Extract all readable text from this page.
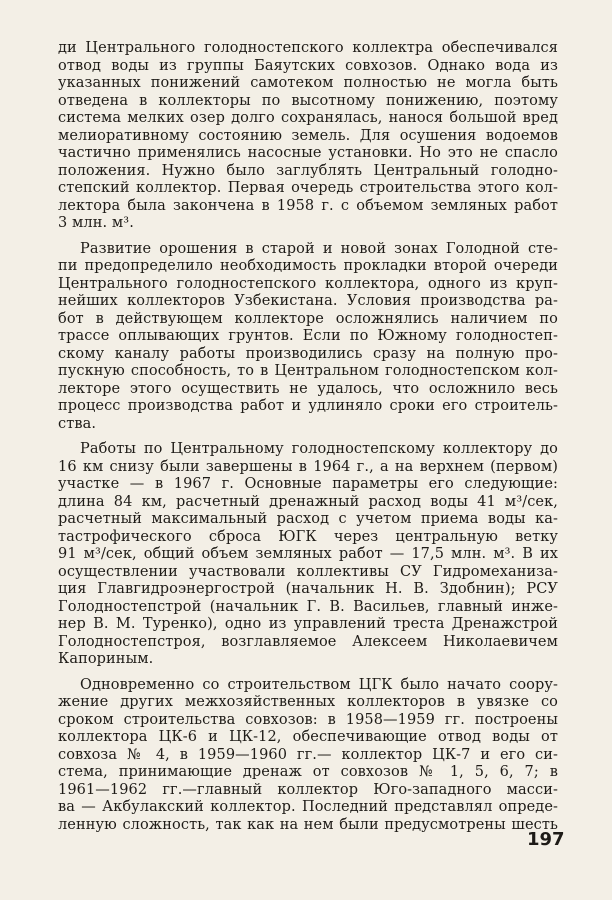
ди Центрального голодностепского коллектра обеспечивался
отвод воды из группы Баяутских совхозов. Однако вода из
указанных понижений самотеком полностью не могла быть
отведена в коллекторы по высотному понижению, поэтому
система мелких озер долго сохранялась, нанося большой вред
мелиоративному состоянию земель. Для осушения водоемов
частично применялись насосные установки. Но это не спасло
положения. Нужно было заглублять Центральный голодно-
степский коллектор. Первая очередь строительства этого кол-
лектора была закончена в 1958 г. с объемом земляных работ
3 млн. м³.
Развитие орошения в старой и новой зонах Голодной сте-
пи предопределило необходимость прокладки второй очереди
Центрального голодностепского коллектора, одного из круп-
нейших коллекторов Узбекистана. Условия производства ра-
бот в действующем коллекторе осложнялись наличием по
трассе оплывающих грунтов. Если по Южному голодностеп-
скому каналу работы производились сразу на полную про-
пускную способность, то в Центральном голодностепском кол-
лекторе этого осуществить не удалось, что осложнило весь
процесс производства работ и удлиняло сроки его строитель-
ства.
Работы по Центральному голодностепскому коллектору до
16 км снизу были завершены в 1964 г., а на верхнем (первом)
участке — в 1967 г. Основные параметры его следующие:
длина 84 км, расчетный дренажный расход воды 41 м³/сек,
расчетный максимальный расход с учетом приема воды ка-
тастрофического сброса ЮГК через центральную ветку
91 м³/сек, общий объем земляных работ — 17,5 млн. м³. В их
осуществлении участвовали коллективы СУ Гидромеханиза-
ция Главгидроэнергострой (начальник Н. В. Здобнин); РСУ
Голодностепстрой (начальник Г. В. Васильев, главный инже-
нер В. М. Туренко), одно из управлений треста Дренажстрой
Голодностепстроя, возглавляемое Алексеем Николаевичем
Капориным.
Одновременно со строительством ЦГК было начато соору-
жение других межхозяйственных коллекторов в увязке со
сроком строительства совхозов: в 1958—1959 гг. построены
коллектора ЦК-6 и ЦК-12, обеспечивающие отвод воды от
совхоза № 4, в 1959—1960 гг.— коллектор ЦК-7 и его си-
стема, принимающие дренаж от совхозов № 1, 5, 6, 7; в
1961—1962 гг.—главный коллектор Юго-западного масси-
ва — Акбулакский коллектор. Последний представлял опреде-
ленную сложность, так как на нем были предусмотрены шесть
197
